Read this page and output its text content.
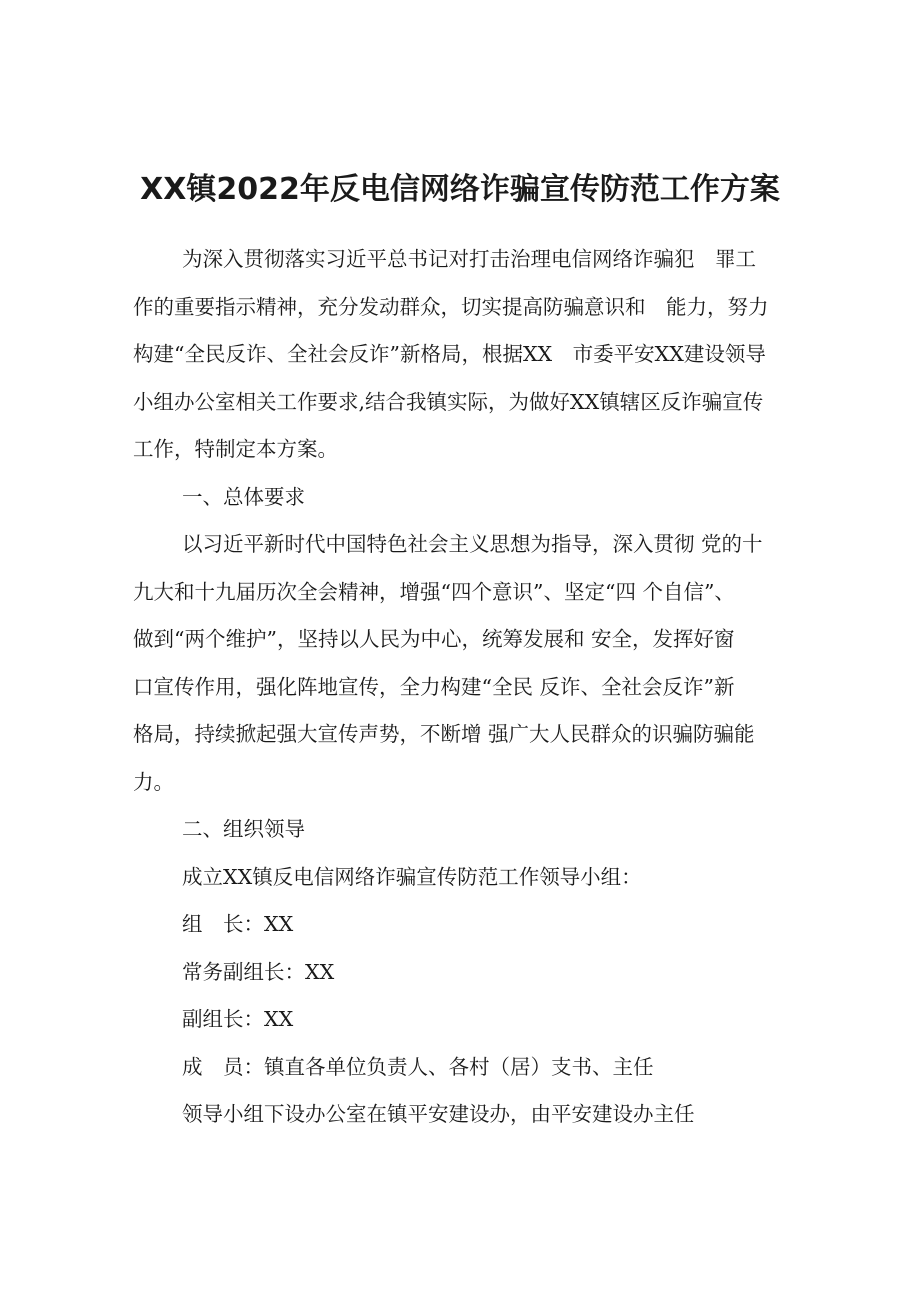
XX镇2022年反电信网络诈骗宣传防范工作方案

为深入贯彻落实习近平总书记对打击治理电信网络诈骗犯　罪工
作的重要指示精神，充分发动群众，切实提高防骗意识和　能力，努力
构建“全民反诈、全社会反诈”新格局，根据XX　市委平安XX建设领导
小组办公室相关工作要求,结合我镇实际，为做好XX镇辖区反诈骗宣传
工作，特制定本方案。

一、总体要求

以习近平新时代中国特色社会主义思想为指导，深入贯彻 党的十
九大和十九届历次全会精神，增强“四个意识”、坚定“四 个自信”、
做到“两个维护”，坚持以人民为中心，统筹发展和 安全，发挥好窗
口宣传作用，强化阵地宣传，全力构建“全民 反诈、全社会反诈”新
格局，持续掀起强大宣传声势，不断增 强广大人民群众的识骗防骗能
力。

二、组织领导

成立XX镇反电信网络诈骗宣传防范工作领导小组：

组　长：XX

常务副组长：XX

副组长：XX

成　员：镇直各单位负责人、各村（居）支书、主任

领导小组下设办公室在镇平安建设办，由平安建设办主任
